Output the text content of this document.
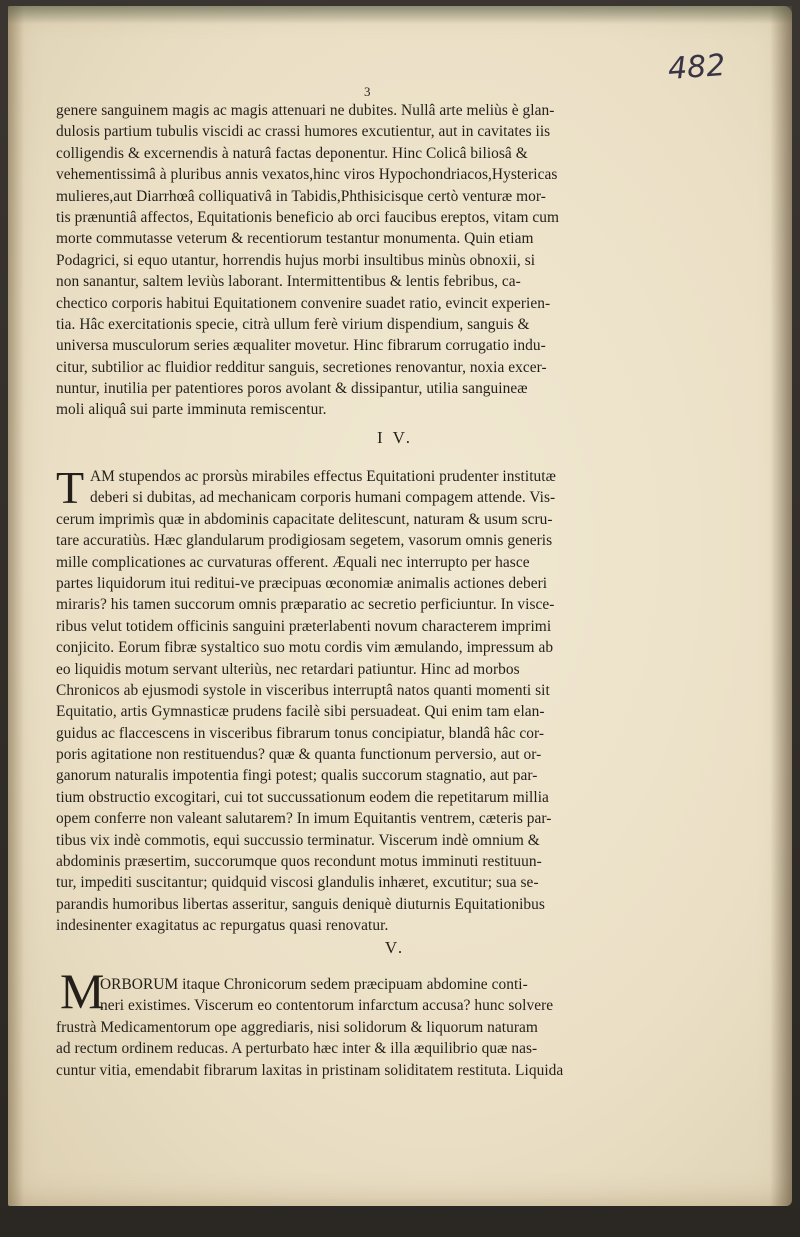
482
3
genere sanguinem magis ac magis attenuari ne dubites. Nullâ arte meliùs è glan-
dulosis partium tubulis viscidi ac crassi humores excutientur, aut in cavitates iis
colligendis & excernendis à naturâ factas deponentur. Hinc Colicâ biliosâ &
vehementissimâ à pluribus annis vexatos,hinc viros Hypochondriacos,Hystericas
mulieres,aut Diarrhœâ colliquativâ in Tabidis,Phthisicisque certò venturæ mor-
tis prænuntiâ affectos, Equitationis beneficio ab orci faucibus ereptos, vitam cum
morte commutasse veterum & recentiorum testantur monumenta. Quin etiam
Podagrici, si equo utantur, horrendis hujus morbi insultibus minùs obnoxii, si
non sanantur, saltem leviùs laborant. Intermittentibus & lentis febribus, ca-
chectico corporis habitui Equitationem convenire suadet ratio, evincit experien-
tia. Hâc exercitationis specie, citrà ullum ferè virium dispendium, sanguis &
universa musculorum series æqualiter movetur. Hinc fibrarum corrugatio indu-
citur, subtilior ac fluidior redditur sanguis, secretiones renovantur, noxia excer-
nuntur, inutilia per patentiores poros avolant & dissipantur, utilia sanguineæ
moli aliquâ sui parte imminuta remiscentur.
I V.
T AM stupendos ac prorsùs mirabiles effectus Equitationi prudenter institutæ
deberi si dubitas, ad mechanicam corporis humani compagem attende. Vis-
cerum imprimìs quæ in abdominis capacitate delitescunt, naturam & usum scru-
tare accuratiùs. Hæc glandularum prodigiosam segetem, vasorum omnis generis
mille complicationes ac curvaturas offerent. Æquali nec interrupto per hasce
partes liquidorum itui reditui-ve præcipuas œconomiæ animalis actiones deberi
miraris? his tamen succorum omnis præparatio ac secretio perficiuntur. In visce-
ribus velut totidem officinis sanguini præterlabenti novum characterem imprimi
conjicito. Eorum fibræ systaltico suo motu cordis vim æmulando, impressum ab
eo liquidis motum servant ulteriùs, nec retardari patiuntur. Hinc ad morbos
Chronicos ab ejusmodi systole in visceribus interruptâ natos quanti momenti sit
Equitatio, artis Gymnasticæ prudens facilè sibi persuadeat. Qui enim tam elan-
guidus ac flaccescens in visceribus fibrarum tonus concipiatur, blandâ hâc cor-
poris agitatione non restituendus? quæ & quanta functionum perversio, aut or-
ganorum naturalis impotentia fingi potest; qualis succorum stagnatio, aut par-
tium obstructio excogitari, cui tot succussationum eodem die repetitarum millia
opem conferre non valeant salutarem? In imum Equitantis ventrem, cæteris par-
tibus vix indè commotis, equi succussio terminatur. Viscerum indè omnium &
abdominis præsertim, succorumque quos recondunt motus imminuti restituun-
tur, impediti suscitantur; quidquid viscosi glandulis inhæret, excutitur; sua se-
parandis humoribus libertas asseritur, sanguis deniquè diuturnis Equitationibus
indesinenter exagitatus ac repurgatus quasi renovatur.
V.
M
ORBORUM itaque Chronicorum sedem præcipuam abdomine conti-
neri existimes. Viscerum eo contentorum infarctum accusa? hunc solvere
frustrà Medicamentorum ope aggrediaris, nisi solidorum & liquorum naturam
ad rectum ordinem reducas. A perturbato hæc inter & illa æquilibrio quæ nas-
cuntur vitia, emendabit fibrarum laxitas in pristinam soliditatem restituta. Liquida
